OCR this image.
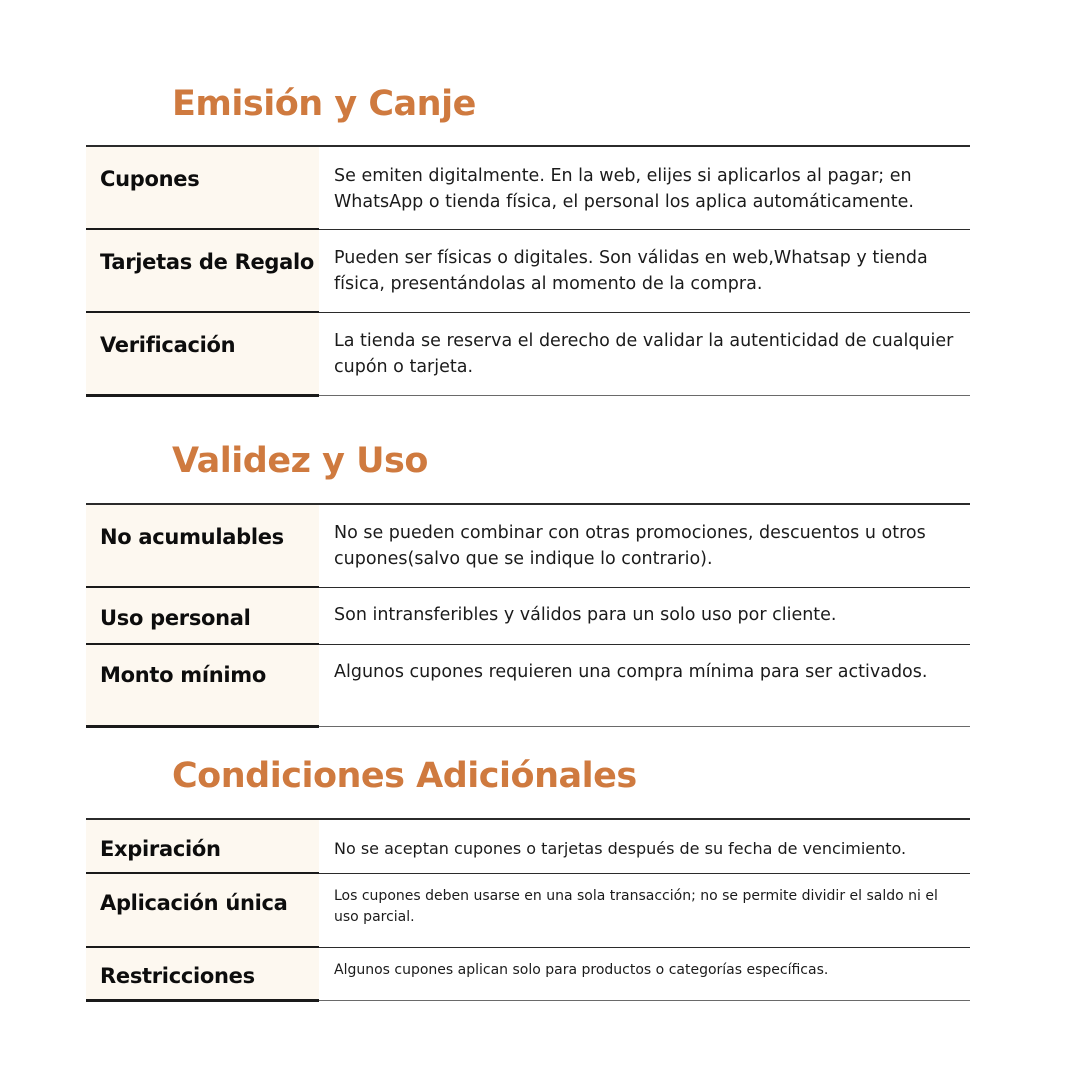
Emisión y Canje
Cupones	Se emiten digitalmente. En la web, elijes si aplicarlos al pagar; en WhatsApp o tienda física, el personal los aplica automáticamente.
Tarjetas de Regalo	Pueden ser físicas o digitales. Son válidas en web,Whatsap y tienda física, presentándolas al momento de la compra.
Verificación	La tienda se reserva el derecho de validar la autenticidad de cualquier cupón o tarjeta.
Validez y Uso
No acumulables	No se pueden combinar con otras promociones, descuentos u otros cupones(salvo que se indique lo contrario).
Uso personal	Son intransferibles y válidos para un solo uso por cliente.
Monto mínimo	Algunos cupones requieren una compra mínima para ser activados.
Condiciones Adiciónales
Expiración	No se aceptan cupones o tarjetas después de su fecha de vencimiento.
Aplicación única	Los cupones deben usarse en una sola transacción; no se permite dividir el saldo ni el uso parcial.
Restricciones	Algunos cupones aplican solo para productos o categorías específicas.
